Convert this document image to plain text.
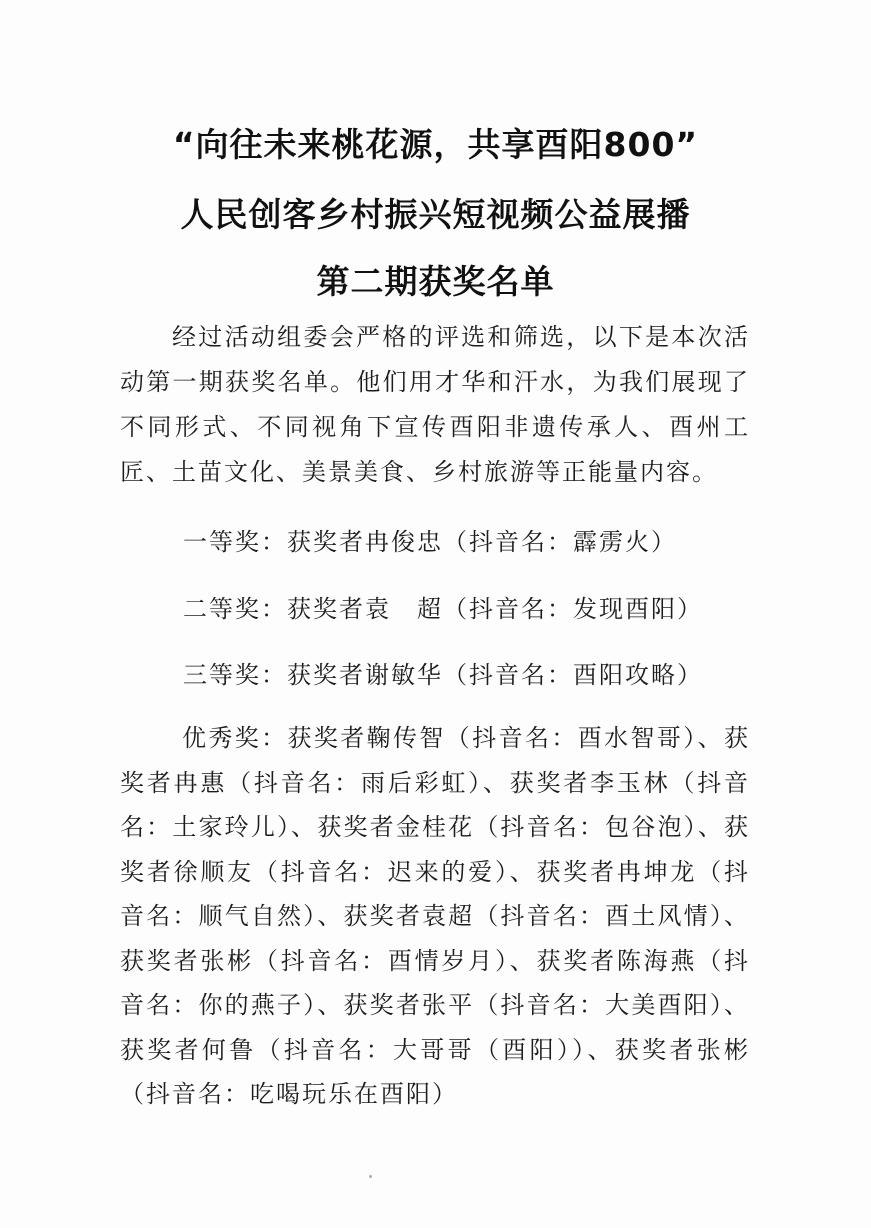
“向往未来桃花源，共享酉阳800”
人民创客乡村振兴短视频公益展播
第二期获奖名单

经过活动组委会严格的评选和筛选，以下是本次活动第一期获奖名单。他们用才华和汗水，为我们展现了不同形式、不同视角下宣传酉阳非遗传承人、酉州工匠、土苗文化、美景美食、乡村旅游等正能量内容。

一等奖：获奖者冉俊忠（抖音名：霹雳火）
二等奖：获奖者袁　超（抖音名：发现酉阳）
三等奖：获奖者谢敏华（抖音名：酉阳攻略）

优秀奖：获奖者鞠传智（抖音名：酉水智哥）、获奖者冉惠（抖音名：雨后彩虹）、获奖者李玉林（抖音名：土家玲儿）、获奖者金桂花（抖音名：包谷泡）、获奖者徐顺友（抖音名：迟来的爱）、获奖者冉坤龙（抖音名：顺气自然）、获奖者袁超（抖音名：酉土风情）、获奖者张彬（抖音名：酉情岁月）、获奖者陈海燕（抖音名：你的燕子）、获奖者张平（抖音名：大美酉阳）、获奖者何鲁（抖音名：大哥哥（酉阳））、获奖者张彬（抖音名：吃喝玩乐在酉阳）
